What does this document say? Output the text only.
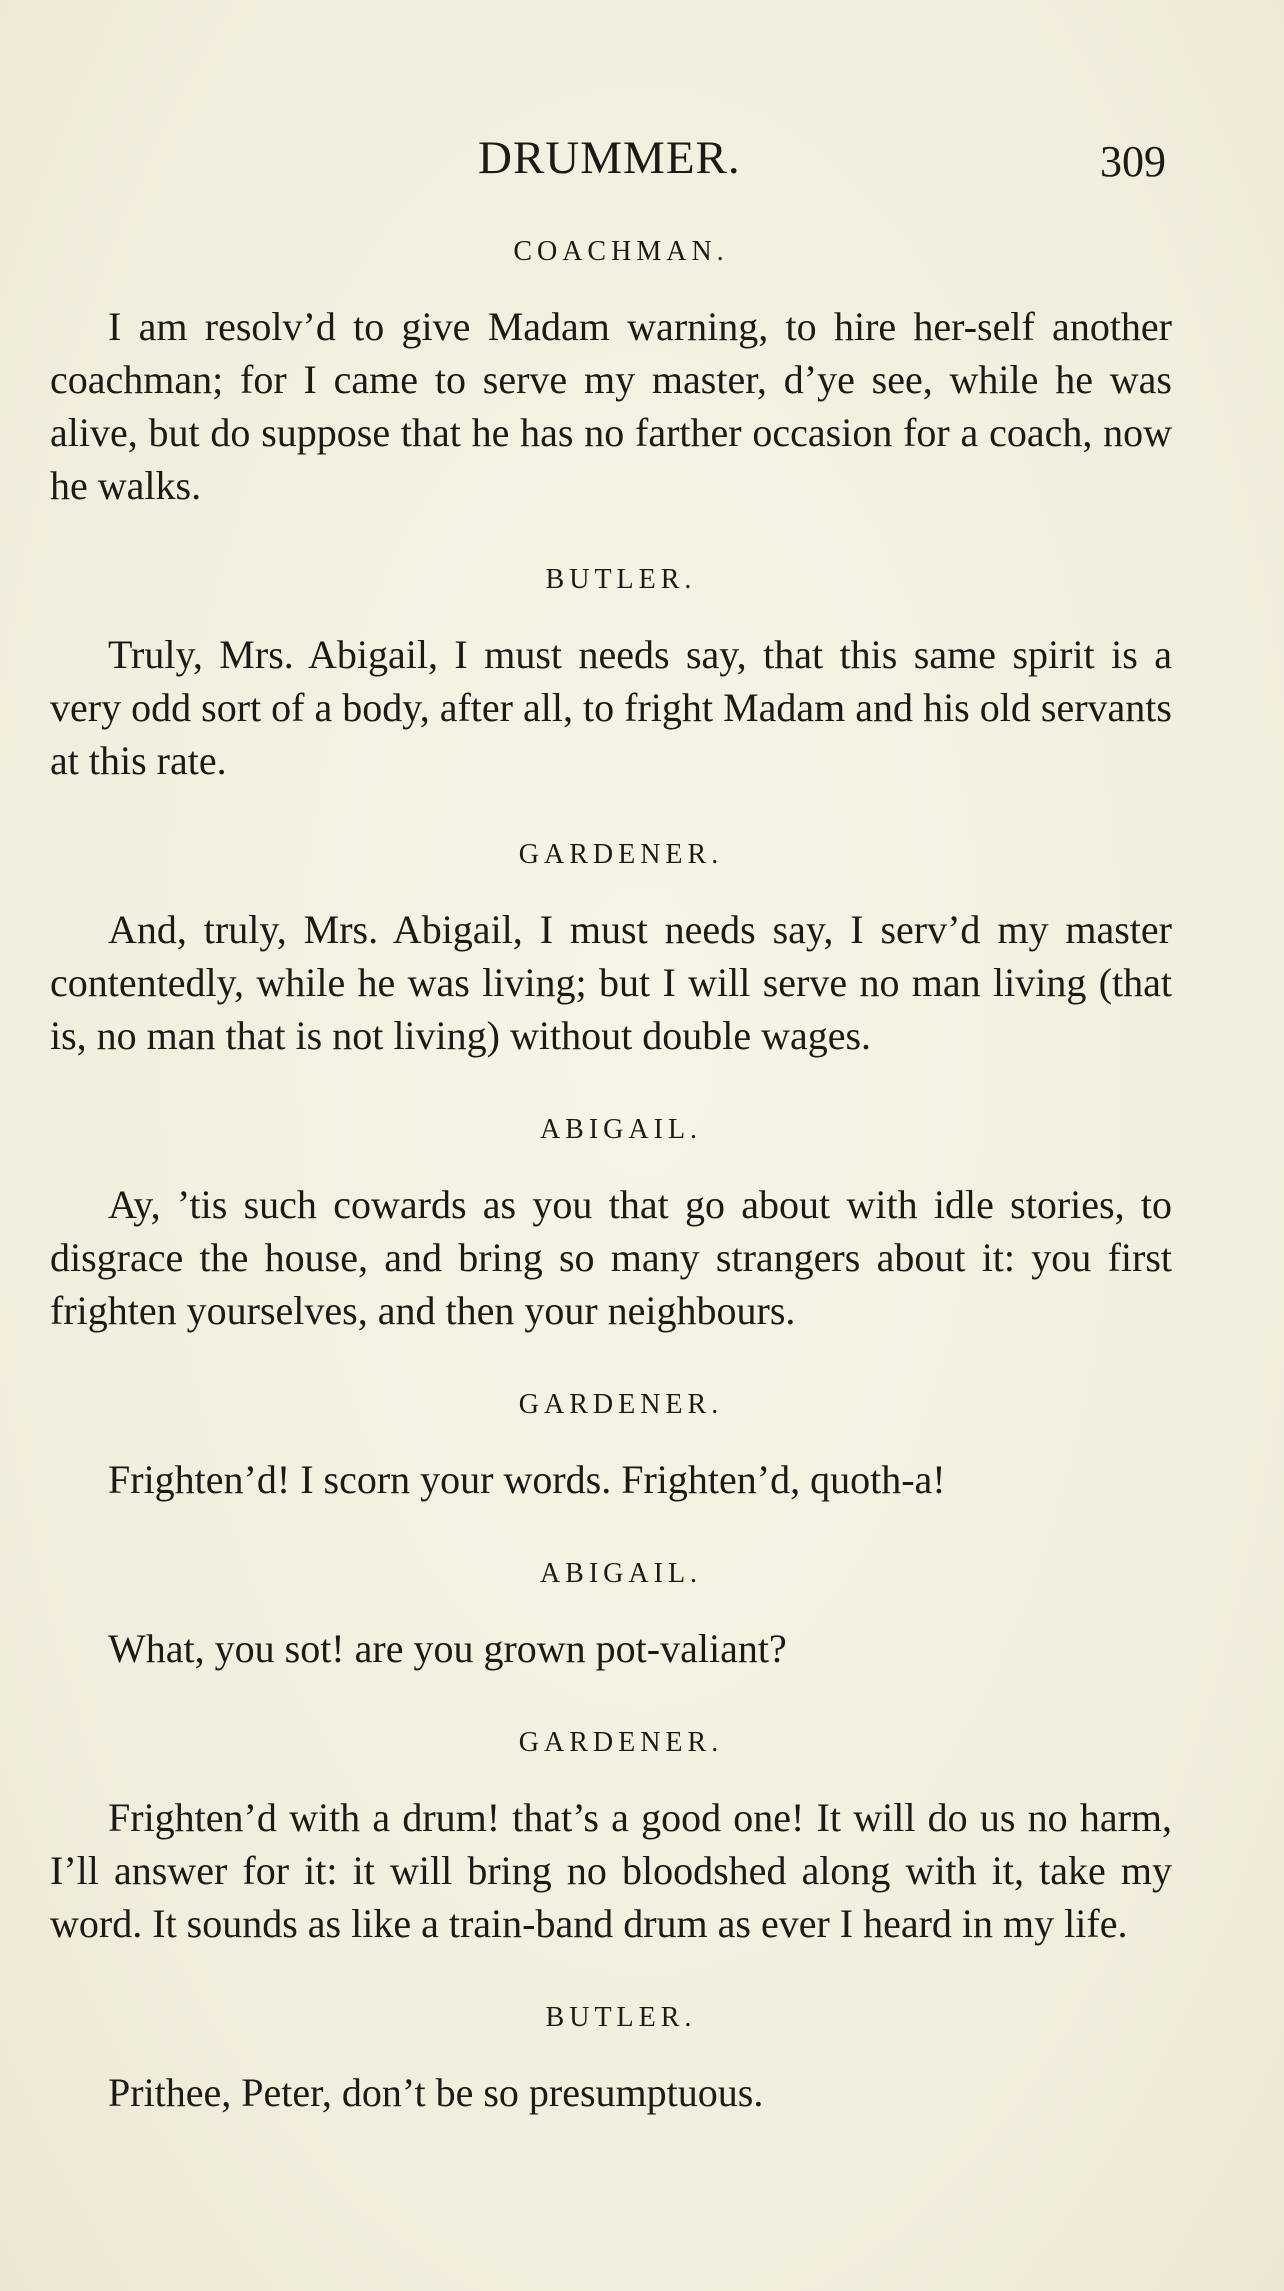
DRUMMER.	309

COACHMAN.

I am resolv’d to give Madam warning, to hire her-self another coachman; for I came to serve my master, d’ye see, while he was alive, but do suppose that he has no farther occasion for a coach, now he walks.

BUTLER.

Truly, Mrs. Abigail, I must needs say, that this same spirit is a very odd sort of a body, after all, to fright Madam and his old servants at this rate.

GARDENER.

And, truly, Mrs. Abigail, I must needs say, I serv’d my master contentedly, while he was living; but I will serve no man living (that is, no man that is not living) without double wages.

ABIGAIL.

Ay, ’tis such cowards as you that go about with idle stories, to disgrace the house, and bring so many strangers about it: you first frighten yourselves, and then your neighbours.

GARDENER.

Frighten’d! I scorn your words. Frighten’d, quoth-a!

ABIGAIL.

What, you sot! are you grown pot-valiant?

GARDENER.

Frighten’d with a drum! that’s a good one! It will do us no harm, I’ll answer for it: it will bring no bloodshed along with it, take my word. It sounds as like a train-band drum as ever I heard in my life.

BUTLER.

Prithee, Peter, don’t be so presumptuous.
